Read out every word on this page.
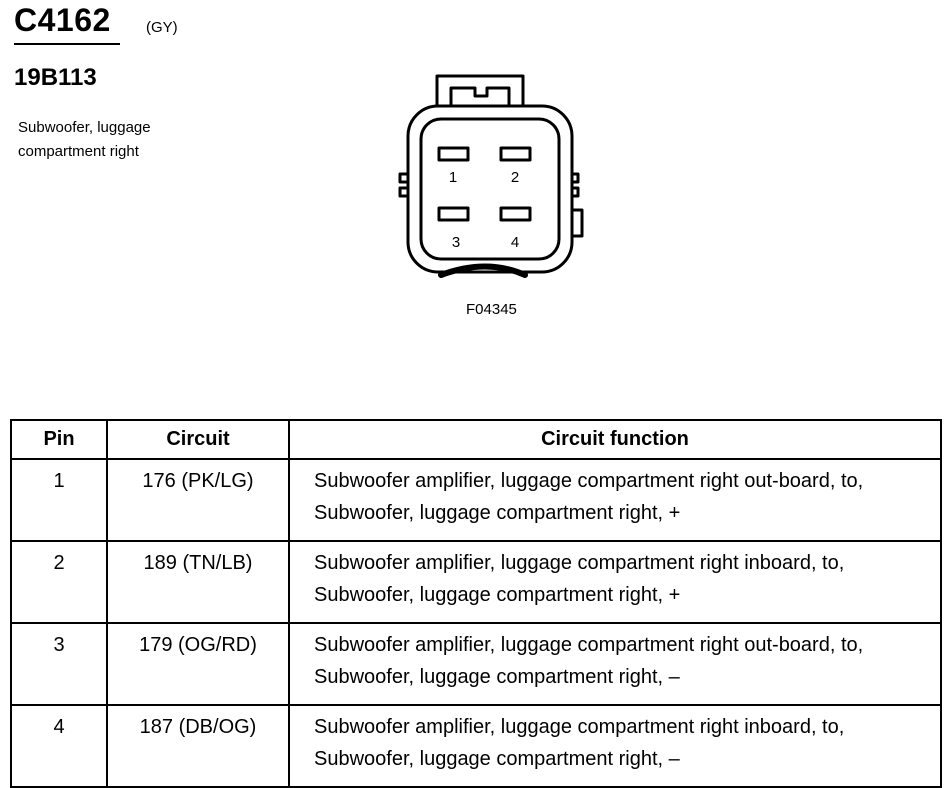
C4162 (GY)
19B113
Subwoofer, luggage compartment right
1	2
3	4
F04345
Pin	Circuit	Circuit function
1	176 (PK/LG)	Subwoofer amplifier, luggage compartment right out-board, to, Subwoofer, luggage compartment right, +
2	189 (TN/LB)	Subwoofer amplifier, luggage compartment right inboard, to, Subwoofer, luggage compartment right, +
3	179 (OG/RD)	Subwoofer amplifier, luggage compartment right out-board, to, Subwoofer, luggage compartment right, –
4	187 (DB/OG)	Subwoofer amplifier, luggage compartment right inboard, to, Subwoofer, luggage compartment right, –
